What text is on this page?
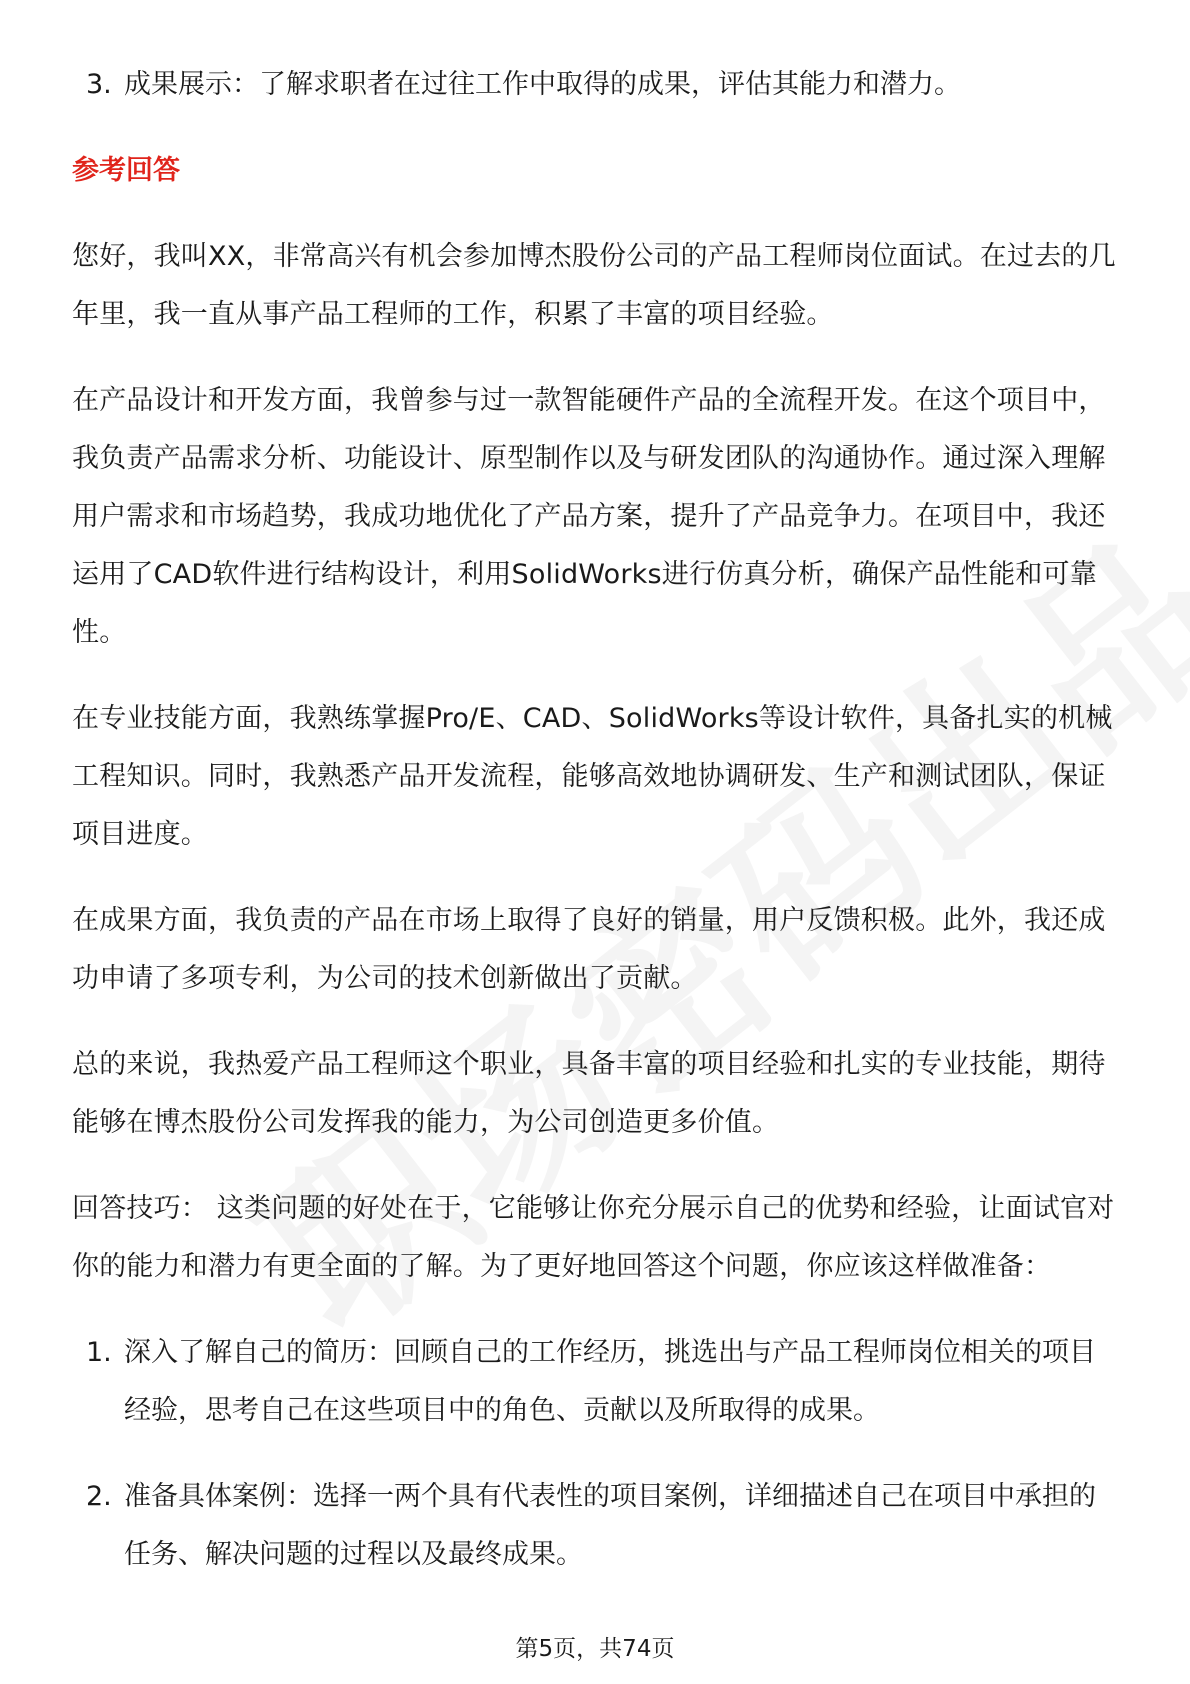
3. 成果展示：了解求职者在过往工作中取得的成果，评估其能力和潜力。
参考回答

您好，我叫XX，非常高兴有机会参加博杰股份公司的产品工程师岗位面试。在过去的几年里，我一直从事产品工程师的工作，积累了丰富的项目经验。

在产品设计和开发方面，我曾参与过一款智能硬件产品的全流程开发。在这个项目中，我负责产品需求分析、功能设计、原型制作以及与研发团队的沟通协作。通过深入理解用户需求和市场趋势，我成功地优化了产品方案，提升了产品竞争力。在项目中，我还运用了CAD软件进行结构设计，利用SolidWorks进行仿真分析，确保产品性能和可靠性。

在专业技能方面，我熟练掌握Pro/E、CAD、SolidWorks等设计软件，具备扎实的机械工程知识。同时，我熟悉产品开发流程，能够高效地协调研发、生产和测试团队，保证项目进度。

在成果方面，我负责的产品在市场上取得了良好的销量，用户反馈积极。此外，我还成功申请了多项专利，为公司的技术创新做出了贡献。

总的来说，我热爱产品工程师这个职业，具备丰富的项目经验和扎实的专业技能，期待能够在博杰股份公司发挥我的能力，为公司创造更多价值。

回答技巧： 这类问题的好处在于，它能够让你充分展示自己的优势和经验，让面试官对你的能力和潜力有更全面的了解。为了更好地回答这个问题，你应该这样做准备：

1. 深入了解自己的简历：回顾自己的工作经历，挑选出与产品工程师岗位相关的项目经验，思考自己在这些项目中的角色、贡献以及所取得的成果。
2. 准备具体案例：选择一两个具有代表性的项目案例，详细描述自己在项目中承担的任务、解决问题的过程以及最终成果。
第5页，共74页
